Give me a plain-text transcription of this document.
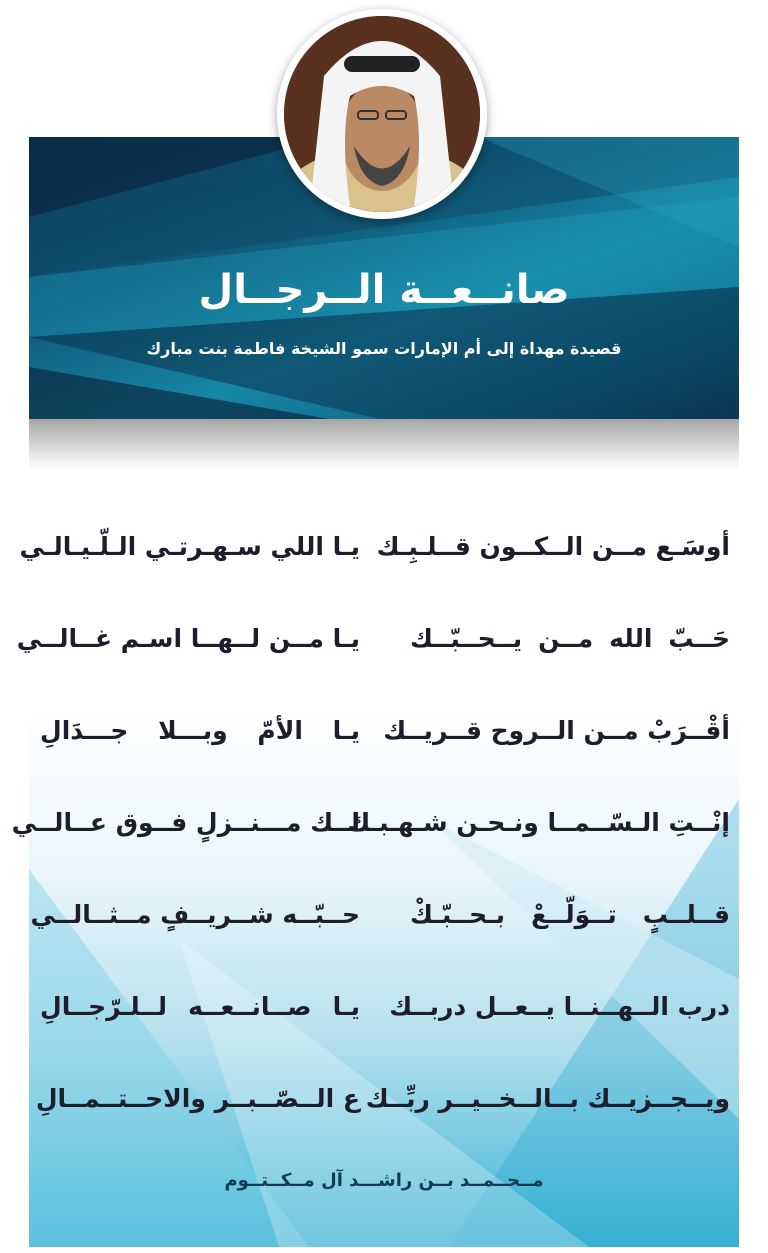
صانــعــة الــرجــال
قصيدة مهداة إلى أم الإمارات سمو الشيخة فاطمة بنت مبارك
أوسَـع مــن الــكــون قــلـبِـك
يـا اللي سـهـرتـي الـلّـيـالـي
حَــبّ الله مــن يــحــبّــك
يـا مــن لــهــا اسـم غــالــي
أقْــرَبْ مــن الــروح قــريــك
يـا الأمّ وبـــلا جـــدَالِ
إنْــتِ الـسّــمــا ونـحـن شـهـبـك
لــك مـــنــزلٍ فــوق عــالــي
قــلــبٍ تــوَلّــعْ بـحــبّـكْ
حــبّــه شــريــفٍ مــثــالــي
درب الــهــنــا يــعــل دربــك
يـا صــانــعــه لــلـرّجــالِ
ويــجــزيــك بــالــخــيــر ربِّــك
ع الــصّــبــر والاحــتــمــالِ
مــحــمــد بــن راشـــد آل مــكــتــوم
